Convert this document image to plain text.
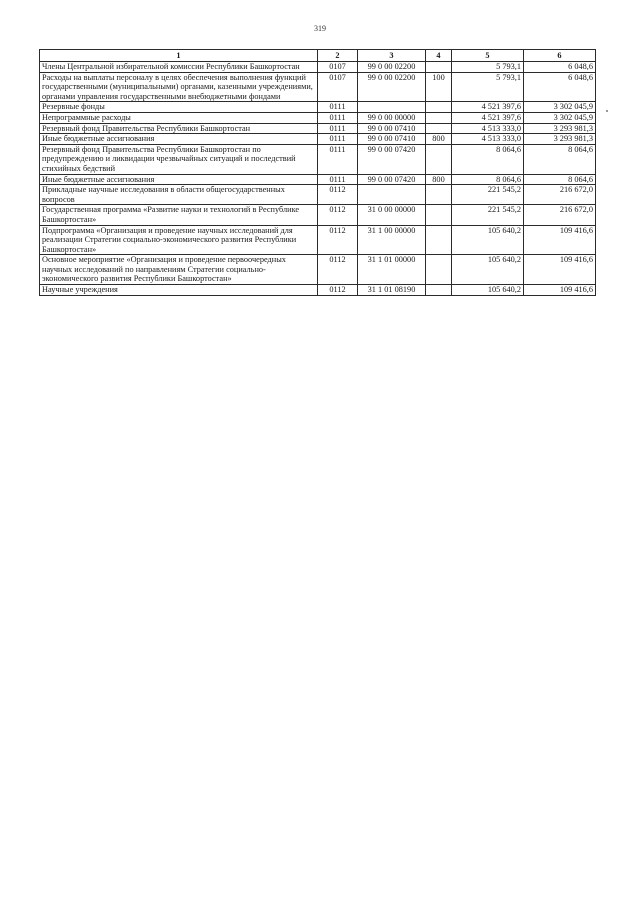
319
1	2	3	4	5	6
Члены Центральной избирательной комиссии Республики Башкортостан	0107	99 0 00 02200		5 793,1	6 048,6
Расходы на выплаты персоналу в целях обеспечения выполнения функций государственными (муниципальными) органами, казенными учреждениями, органами управления государственными внебюджетными фондами	0107	99 0 00 02200	100	5 793,1	6 048,6
Резервные фонды	0111			4 521 397,6	3 302 045,9
Непрограммные расходы	0111	99 0 00 00000		4 521 397,6	3 302 045,9
Резервный фонд Правительства Республики Башкортостан	0111	99 0 00 07410		4 513 333,0	3 293 981,3
Иные бюджетные ассигнования	0111	99 0 00 07410	800	4 513 333,0	3 293 981,3
Резервный фонд Правительства Республики Башкортостан по предупреждению и ликвидации чрезвычайных ситуаций и последствий стихийных бедствий	0111	99 0 00 07420		8 064,6	8 064,6
Иные бюджетные ассигнования	0111	99 0 00 07420	800	8 064,6	8 064,6
Прикладные научные исследования в области общегосударственных вопросов	0112			221 545,2	216 672,0
Государственная программа «Развитие науки и технологий в Республике Башкортостан»	0112	31 0 00 00000		221 545,2	216 672,0
Подпрограмма «Организация и проведение научных исследований для реализации Стратегии социально-экономического развития Республики Башкортостан»	0112	31 1 00 00000		105 640,2	109 416,6
Основное мероприятие «Организация и проведение первоочередных научных исследований по направлениям Стратегии социально-экономического развития Республики Башкортостан»	0112	31 1 01 00000		105 640,2	109 416,6
Научные учреждения	0112	31 1 01 08190		105 640,2	109 416,6
